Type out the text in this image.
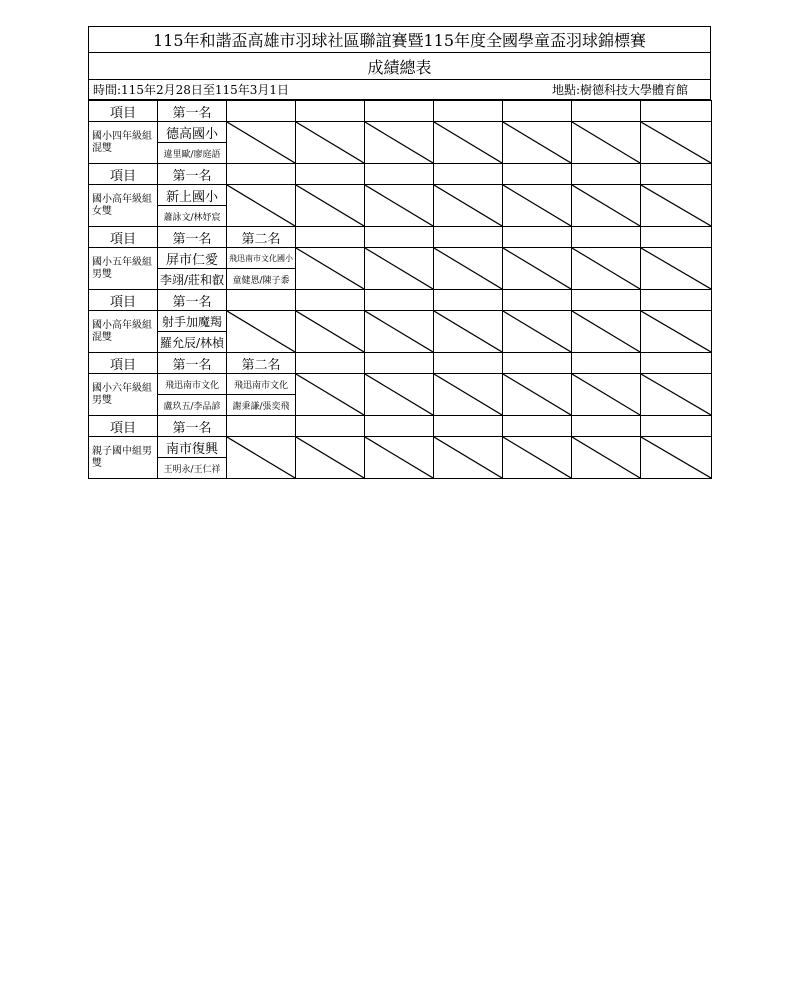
115年和諧盃高雄市羽球社區聯誼賽暨115年度全國學童盃羽球錦標賽
成績總表
時間:115年2月28日至115年3月1日	地點:樹德科技大學體育館
項目	第一名							
國小四年級組混雙	德高國小							
	違里歐/廖庭語							
項目	第一名							
國小高年級組女雙	新上國小							
	蕭詠文/林妤宸							
項目	第一名	第二名						
國小五年級組男雙	屏市仁愛	飛迅南市文化國小						
	李翊/莊和叡	童健恩/陳子黍						
項目	第一名							
國小高年級組混雙	射手加魔羯							
	羅允辰/林楨							
項目	第一名	第二名						
國小六年級組男雙	飛迅南市文化	飛迅南市文化						
	盧玖五/李品諺	謝秉謙/張奕飛						
項目	第一名							
親子國中組男雙	南市復興							
	王明永/王仁祥							
